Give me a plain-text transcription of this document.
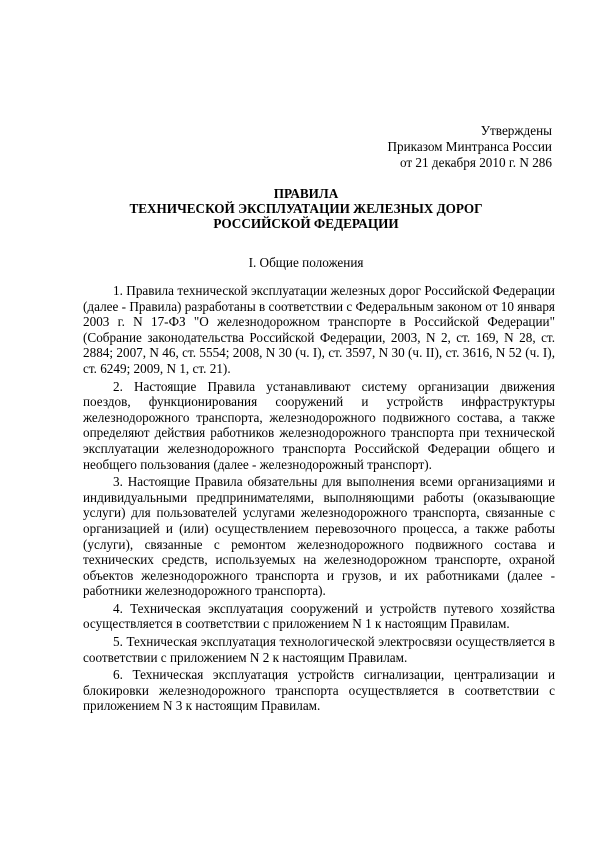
Утверждены
Приказом Минтранса России
от 21 декабря 2010 г. N 286
ПРАВИЛА
ТЕХНИЧЕСКОЙ ЭКСПЛУАТАЦИИ ЖЕЛЕЗНЫХ ДОРОГ
РОССИЙСКОЙ ФЕДЕРАЦИИ
I. Общие положения

1. Правила технической эксплуатации железных дорог Российской Федерации (далее - Правила) разработаны в соответствии с Федеральным законом от 10 января 2003 г. N 17-ФЗ "О железнодорожном транспорте в Российской Федерации" (Собрание законодательства Российской Федерации, 2003, N 2, ст. 169, N 28, ст. 2884; 2007, N 46, ст. 5554; 2008, N 30 (ч. I), ст. 3597, N 30 (ч. II), ст. 3616, N 52 (ч. I), ст. 6249; 2009, N 1, ст. 21).

2. Настоящие Правила устанавливают систему организации движения поездов, функционирования сооружений и устройств инфраструктуры железнодорожного транспорта, железнодорожного подвижного состава, а также определяют действия работников железнодорожного транспорта при технической эксплуатации железнодорожного транспорта Российской Федерации общего и необщего пользования (далее - железнодорожный транспорт).

3. Настоящие Правила обязательны для выполнения всеми организациями и индивидуальными предпринимателями, выполняющими работы (оказывающие услуги) для пользователей услугами железнодорожного транспорта, связанные с организацией и (или) осуществлением перевозочного процесса, а также работы (услуги), связанные с ремонтом железнодорожного подвижного состава и технических средств, используемых на железнодорожном транспорте, охраной объектов железнодорожного транспорта и грузов, и их работниками (далее - работники железнодорожного транспорта).

4. Техническая эксплуатация сооружений и устройств путевого хозяйства осуществляется в соответствии с приложением N 1 к настоящим Правилам.

5. Техническая эксплуатация технологической электросвязи осуществляется в соответствии с приложением N 2 к настоящим Правилам.

6. Техническая эксплуатация устройств сигнализации, централизации и блокировки железнодорожного транспорта осуществляется в соответствии с приложением N 3 к настоящим Правилам.
